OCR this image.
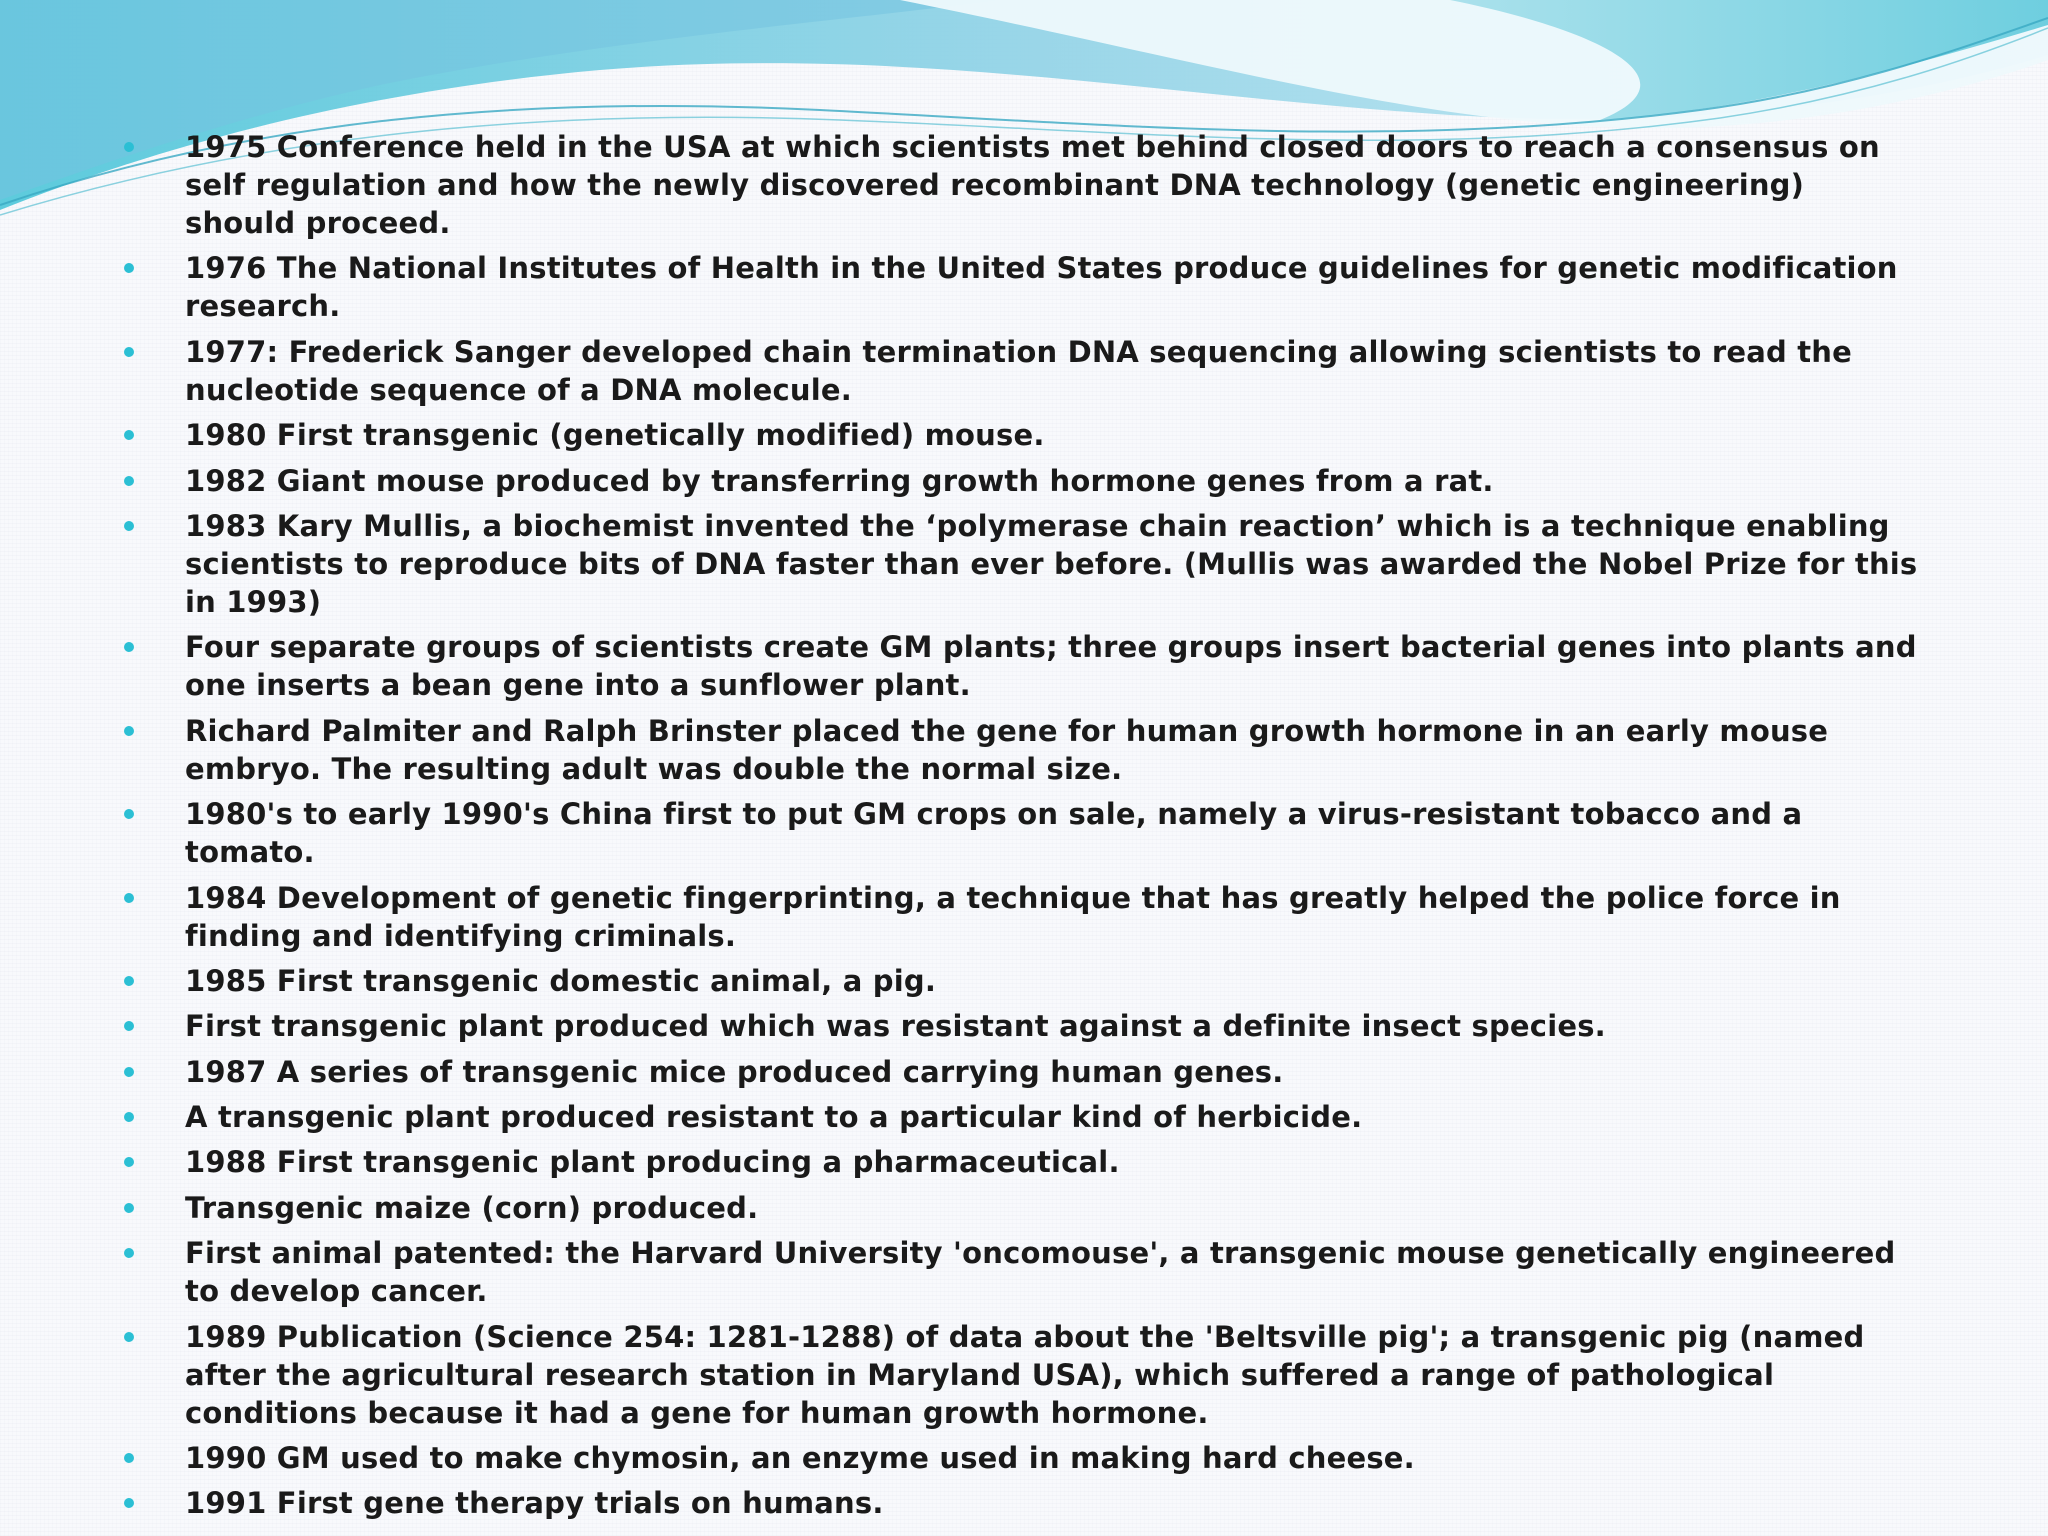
1975 Conference held in the USA at which scientists met behind closed doors to reach a consensus on self regulation and how the newly discovered recombinant DNA technology (genetic engineering) should proceed.
1976 The National Institutes of Health in the United States produce guidelines for genetic modification research.
1977: Frederick Sanger developed chain termination DNA sequencing allowing scientists to read the nucleotide sequence of a DNA molecule.
1980 First transgenic (genetically modified) mouse.
1982 Giant mouse produced by transferring growth hormone genes from a rat.
1983 Kary Mullis, a biochemist invented the ‘polymerase chain reaction’ which is a technique enabling scientists to reproduce bits of DNA faster than ever before. (Mullis was awarded the Nobel Prize for this in 1993)
Four separate groups of scientists create GM plants; three groups insert bacterial genes into plants and one inserts a bean gene into a sunflower plant.
Richard Palmiter and Ralph Brinster placed the gene for human growth hormone in an early mouse embryo. The resulting adult was double the normal size.
1980's to early 1990's China first to put GM crops on sale, namely a virus-resistant tobacco and a tomato.
1984 Development of genetic fingerprinting, a technique that has greatly helped the police force in finding and identifying criminals.
1985 First transgenic domestic animal, a pig.
First transgenic plant produced which was resistant against a definite insect species.
1987 A series of transgenic mice produced carrying human genes.
A transgenic plant produced resistant to a particular kind of herbicide.
1988 First transgenic plant producing a pharmaceutical.
Transgenic maize (corn) produced.
First animal patented: the Harvard University 'oncomouse', a transgenic mouse genetically engineered to develop cancer.
1989 Publication (Science 254: 1281-1288) of data about the 'Beltsville pig'; a transgenic pig (named after the agricultural research station in Maryland USA), which suffered a range of pathological conditions because it had a gene for human growth hormone.
1990 GM used to make chymosin, an enzyme used in making hard cheese.
1991 First gene therapy trials on humans.
